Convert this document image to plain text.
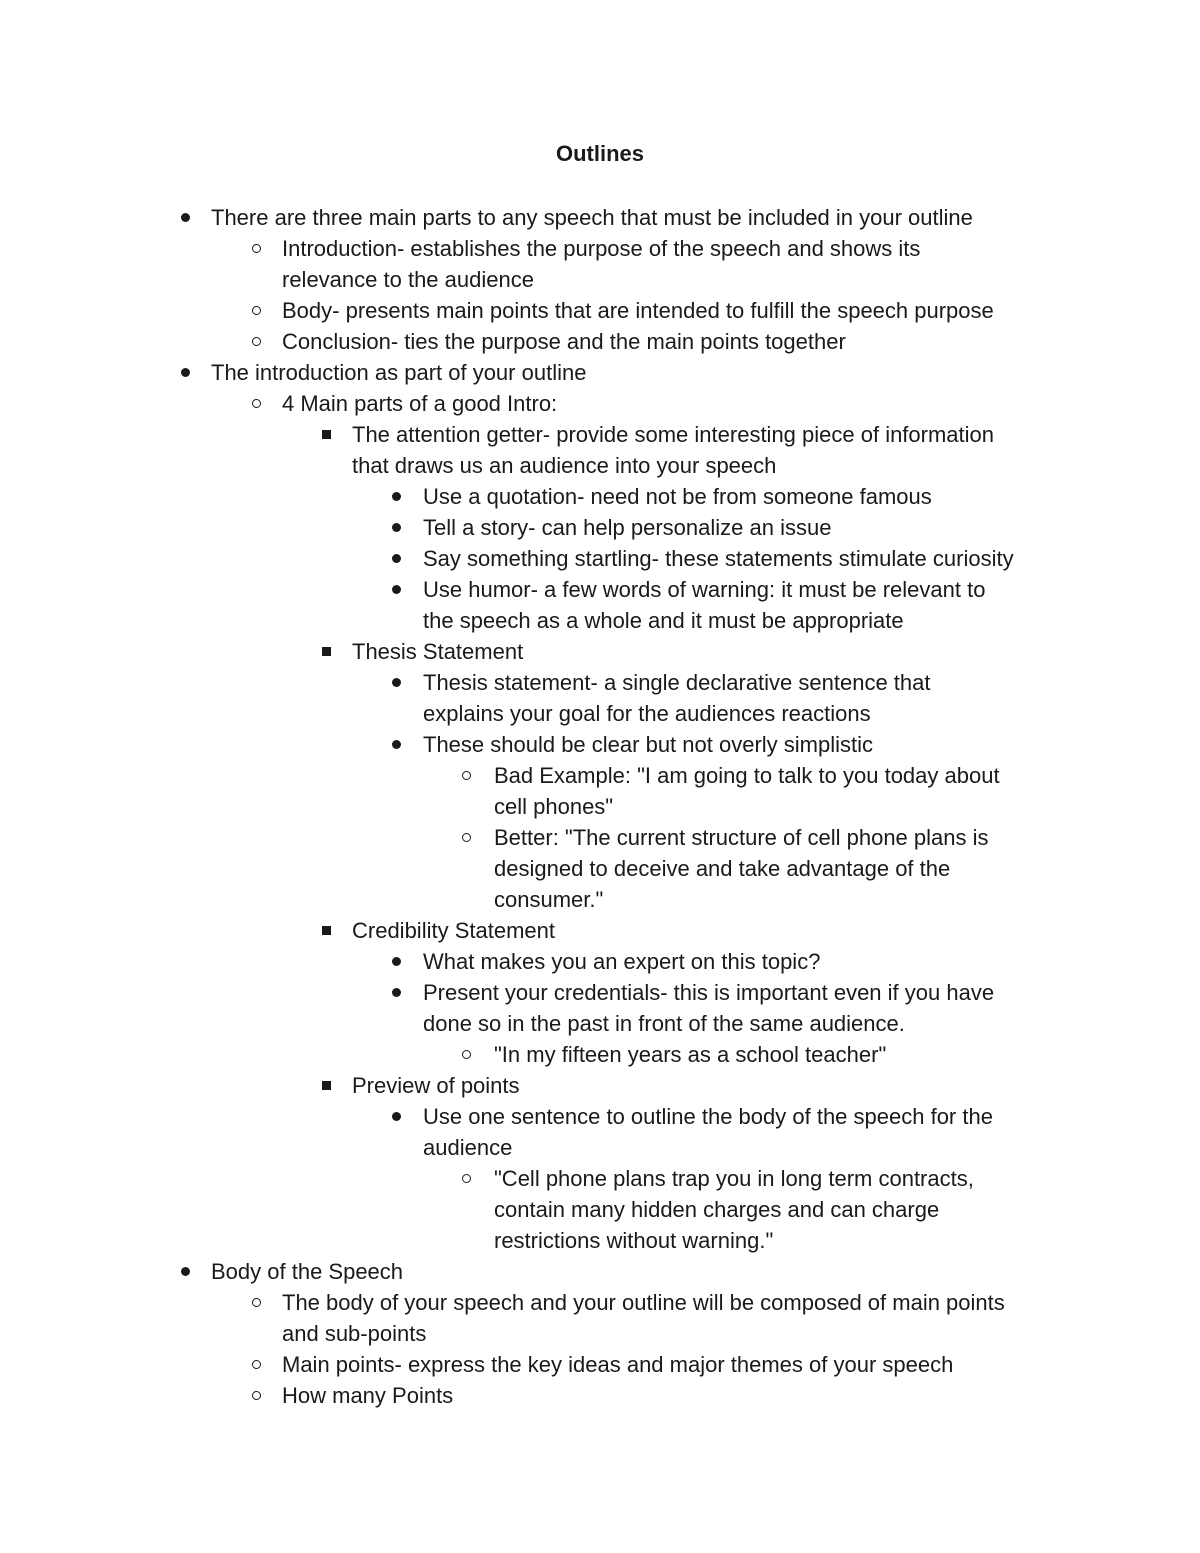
Outlines
There are three main parts to any speech that must be included in your outline
Introduction- establishes the purpose of the speech and shows its
relevance to the audience
Body- presents main points that are intended to fulfill the speech purpose
Conclusion- ties the purpose and the main points together
The introduction as part of your outline
4 Main parts of a good Intro:
The attention getter- provide some interesting piece of information
that draws us an audience into your speech
Use a quotation- need not be from someone famous
Tell a story- can help personalize an issue
Say something startling- these statements stimulate curiosity
Use humor- a few words of warning: it must be relevant to
the speech as a whole and it must be appropriate
Thesis Statement
Thesis statement- a single declarative sentence that
explains your goal for the audiences reactions
These should be clear but not overly simplistic
Bad Example: "I am going to talk to you today about
cell phones"
Better: "The current structure of cell phone plans is
designed to deceive and take advantage of the
consumer."
Credibility Statement
What makes you an expert on this topic?
Present your credentials- this is important even if you have
done so in the past in front of the same audience.
"In my fifteen years as a school teacher"
Preview of points
Use one sentence to outline the body of the speech for the
audience
"Cell phone plans trap you in long term contracts,
contain many hidden charges and can charge
restrictions without warning."
Body of the Speech
The body of your speech and your outline will be composed of main points
and sub-points
Main points- express the key ideas and major themes of your speech
How many Points
